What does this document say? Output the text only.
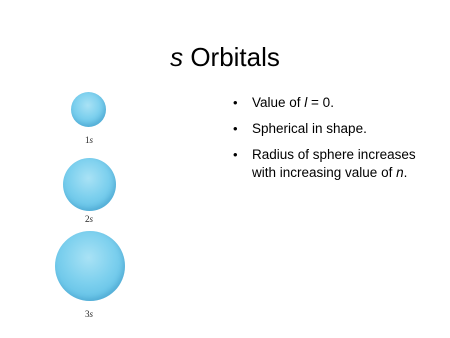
s Orbitals
1s
2s
3s
• Value of l = 0.
• Spherical in shape.
• Radius of sphere increases with increasing value of n.
